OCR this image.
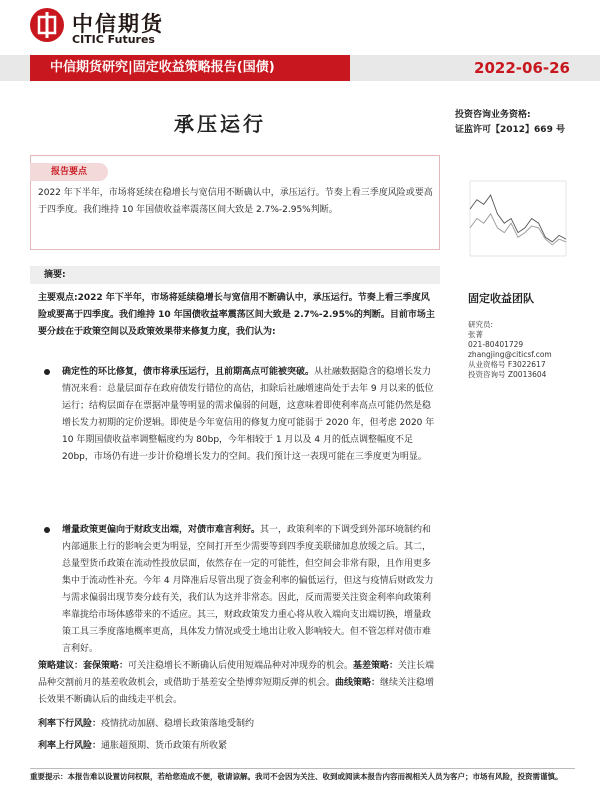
中信期货
CITIC Futures
中信期货研究|固定收益策略报告(国债)	2022-06-26
承压运行	投资咨询业务资格:
证监许可【2012】669 号
报告要点
2022 年下半年，市场将延续在稳增长与宽信用不断确认中，承压运行。节奏上看三季度风险或要高于四季度。我们维持 10 年国债收益率震荡区间大致是 2.7%-2.95%判断。
固定收益团队
研究员:
张菁
021-80401729
zhangjing@citicsf.com
从业资格号 F3022617
投资咨询号 Z0013604
摘要:
主要观点:2022 年下半年，市场将延续稳增长与宽信用不断确认中，承压运行。节奏上看三季度风险或要高于四季度。我们维持 10 年国债收益率震荡区间大致是 2.7%-2.95%的判断。目前市场主要分歧在于政策空间以及政策效果带来修复力度，我们认为:
确定性的环比修复，债市将承压运行，且前期高点可能被突破。从社融数据隐含的稳增长发力情况来看：总量层面存在政府债发行错位的高估，扣除后社融增速尚处于去年 9 月以来的低位运行；结构层面存在票据冲量等明显的需求偏弱的问题，这意味着即使利率高点可能仍然是稳增长发力初期的定价逻辑。即使是今年宽信用的修复力度可能弱于 2020 年，但考虑 2020 年 10 年期国债收益率调整幅度约为 80bp，今年相较于 1 月以及 4 月的低点调整幅度不足 20bp，市场仍有进一步计价稳增长发力的空间。我们预计这一表现可能在三季度更为明显。
增量政策更偏向于财政支出端，对债市难言利好。其一，政策利率的下调受到外部环境制约和内部通胀上行的影响会更为明显，空间打开至少需要等到四季度美联储加息放缓之后。其二，总量型货币政策在流动性投放层面，依然存在一定的可能性，但空间会非常有限，且作用更多集中于流动性补充。今年 4 月降准后尽管出现了资金利率的偏低运行，但这与疫情后财政发力与需求偏弱出现节奏分歧有关，我们认为这并非常态。因此，反而需要关注资金利率向政策利率靠拢给市场体感带来的不适应。其三，财政政策发力重心将从收入端向支出端切换，增量政策工具三季度落地概率更高，具体发力情况或受土地出让收入影响较大。但不管怎样对债市难言利好。
策略建议：套保策略：可关注稳增长不断确认后使用短端品种对冲现券的机会。基差策略：关注长端品种交割前月的基差收敛机会，或借助于基差安全垫博弈短期反弹的机会。曲线策略：继续关注稳增长效果不断确认后的曲线走平机会。
利率下行风险：疫情扰动加剧、稳增长政策落地受制约
利率上行风险：通胀超预期、货币政策有所收紧
重要提示：本报告难以设置访问权限，若给您造成不便，敬请谅解。我司不会因为关注、收到或阅读本报告内容而视相关人员为客户；市场有风险，投资需谨慎。
